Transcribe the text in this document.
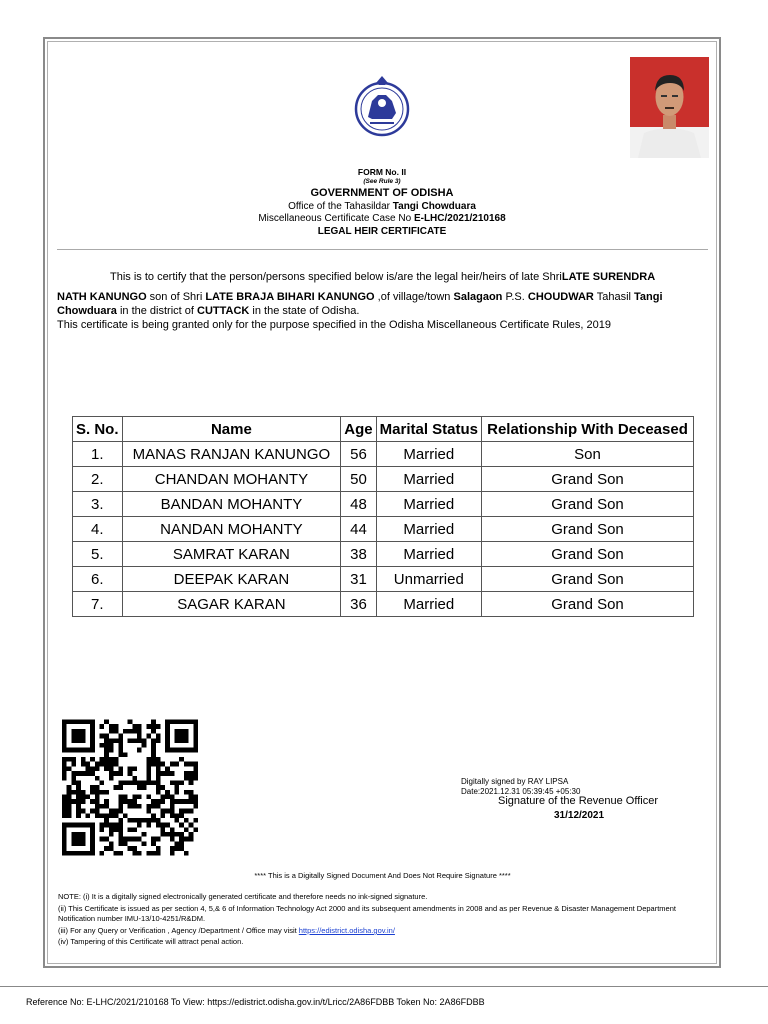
FORM No. II
(See Rule 3)
GOVERNMENT OF ODISHA
Office of the Tahasildar Tangi Chowduara
Miscellaneous Certificate Case No E-LHC/2021/210168
LEGAL HEIR CERTIFICATE
This is to certify that the person/persons specified below is/are the legal heir/heirs of late ShriLATE SURENDRA
NATH KANUNGO son of Shri LATE BRAJA BIHARI KANUNGO ,of village/town Salagaon P.S. CHOUDWAR Tahasil Tangi
Chowduara in the district of CUTTACK in the state of Odisha.
This certificate is being granted only for the purpose specified in the Odisha Miscellaneous Certificate Rules, 2019
S. No.	Name	Age	Marital Status	Relationship With Deceased
1.	MANAS RANJAN KANUNGO	56	Married	Son
2.	CHANDAN MOHANTY	50	Married	Grand Son
3.	BANDAN MOHANTY	48	Married	Grand Son
4.	NANDAN MOHANTY	44	Married	Grand Son
5.	SAMRAT KARAN	38	Married	Grand Son
6.	DEEPAK KARAN	31	Unmarried	Grand Son
7.	SAGAR KARAN	36	Married	Grand Son
Digitally signed by RAY LIPSA
Date:2021.12.31 05:39:45 +05:30
Signature of the Revenue Officer
31/12/2021
**** This is a Digitally Signed Document And Does Not Require Signature ****
NOTE: (i) It is a digitally signed electronically generated certificate and therefore needs no ink-signed signature.
(ii) This Certificate is issued as per section 4, 5,& 6 of Information Technology Act 2000 and its subsequent amendments in 2008 and as per Revenue & Disaster Management Department Notification number IMU-13/10-4251/R&DM.
(iii) For any Query or Verification , Agency /Department / Office may visit https://edistrict.odisha.gov.in/
(iv) Tampering of this Certificate will attract penal action.
Reference No: E-LHC/2021/210168 To View: https://edistrict.odisha.gov.in/t/Lricc/2A86FDBB Token No: 2A86FDBB
